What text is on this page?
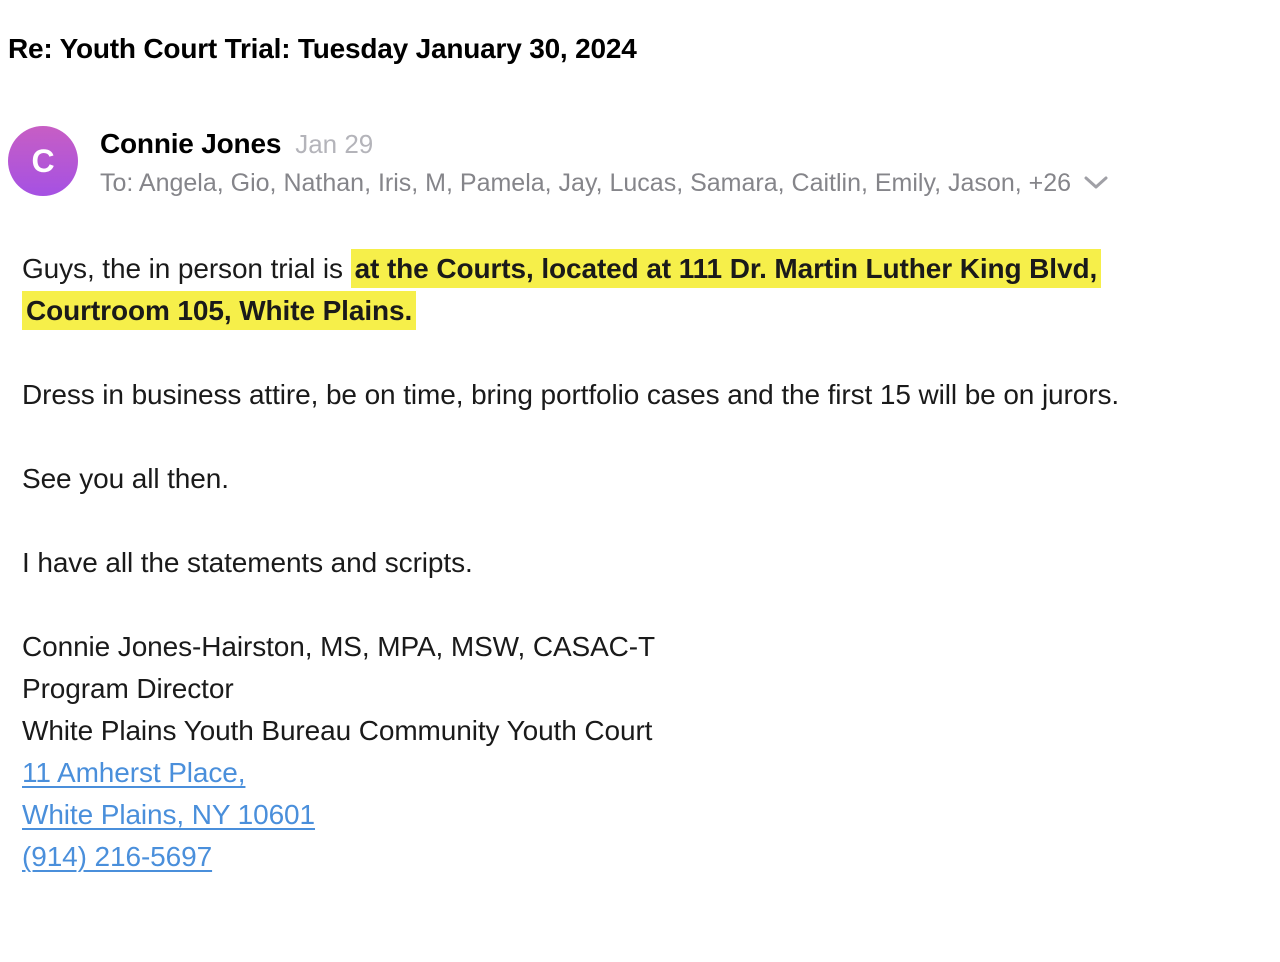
Re: Youth Court Trial: Tuesday January 30, 2024
C Connie Jones Jan 29
To: Angela, Gio, Nathan, Iris, M, Pamela, Jay, Lucas, Samara, Caitlin, Emily, Jason, +26

Guys, the in person trial is at the Courts, located at 111 Dr. Martin Luther King Blvd, Courtroom 105, White Plains.

Dress in business attire, be on time, bring portfolio cases and the first 15 will be on jurors.

See you all then.

I have all the statements and scripts.

Connie Jones-Hairston, MS, MPA, MSW, CASAC-T
Program Director
White Plains Youth Bureau Community Youth Court
11 Amherst Place,
White Plains, NY 10601
(914) 216-5697
